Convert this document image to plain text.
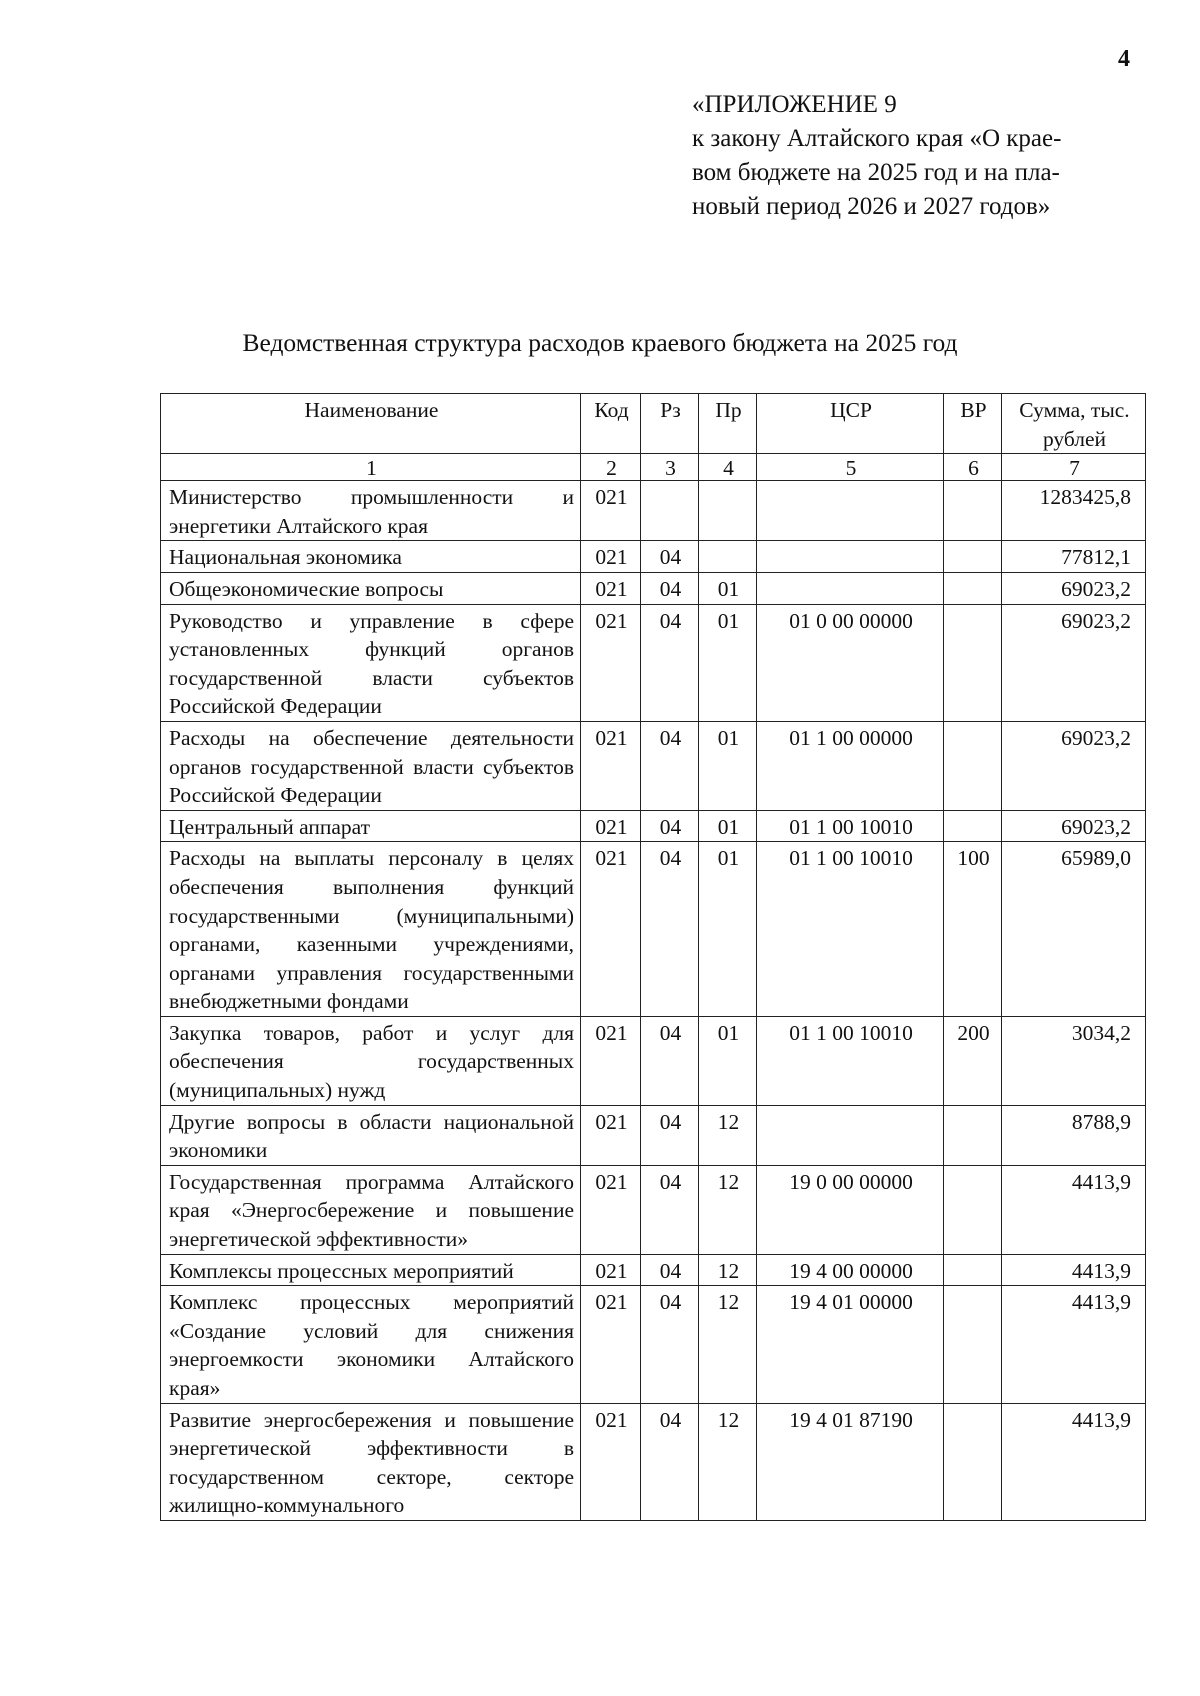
4
«ПРИЛОЖЕНИЕ 9
к закону Алтайского края «О крае-
вом бюджете на 2025 год и на пла-
новый период 2026 и 2027 годов»
Ведомственная структура расходов краевого бюджета на 2025 год
Наименование	Код	Рз	Пр	ЦСР	ВР	Сумма, тыс. рублей
1	2	3	4	5	6	7
Министерство промышленности и энергетики Алтайского края	021					1283425,8
Национальная экономика	021	04				77812,1
Общеэкономические вопросы	021	04	01			69023,2
Руководство и управление в сфере установленных функций органов государственной власти субъектов Российской Федерации	021	04	01	01 0 00 00000		69023,2
Расходы на обеспечение деятельности органов государственной власти субъектов Российской Федерации	021	04	01	01 1 00 00000		69023,2
Центральный аппарат	021	04	01	01 1 00 10010		69023,2
Расходы на выплаты персоналу в целях обеспечения выполнения функций государственными (муниципальными) органами, казенными учреждениями, органами управления государственными внебюджетными фондами	021	04	01	01 1 00 10010	100	65989,0
Закупка товаров, работ и услуг для обеспечения государственных (муниципальных) нужд	021	04	01	01 1 00 10010	200	3034,2
Другие вопросы в области национальной экономики	021	04	12			8788,9
Государственная программа Алтайского края «Энергосбережение и повышение энергетической эффективности»	021	04	12	19 0 00 00000		4413,9
Комплексы процессных мероприятий	021	04	12	19 4 00 00000		4413,9
Комплекс процессных мероприятий «Создание условий для снижения энергоемкости экономики Алтайского края»	021	04	12	19 4 01 00000		4413,9
Развитие энергосбережения и повышение энергетической эффективности в государственном секторе, секторе жилищно-коммунального	021	04	12	19 4 01 87190		4413,9
